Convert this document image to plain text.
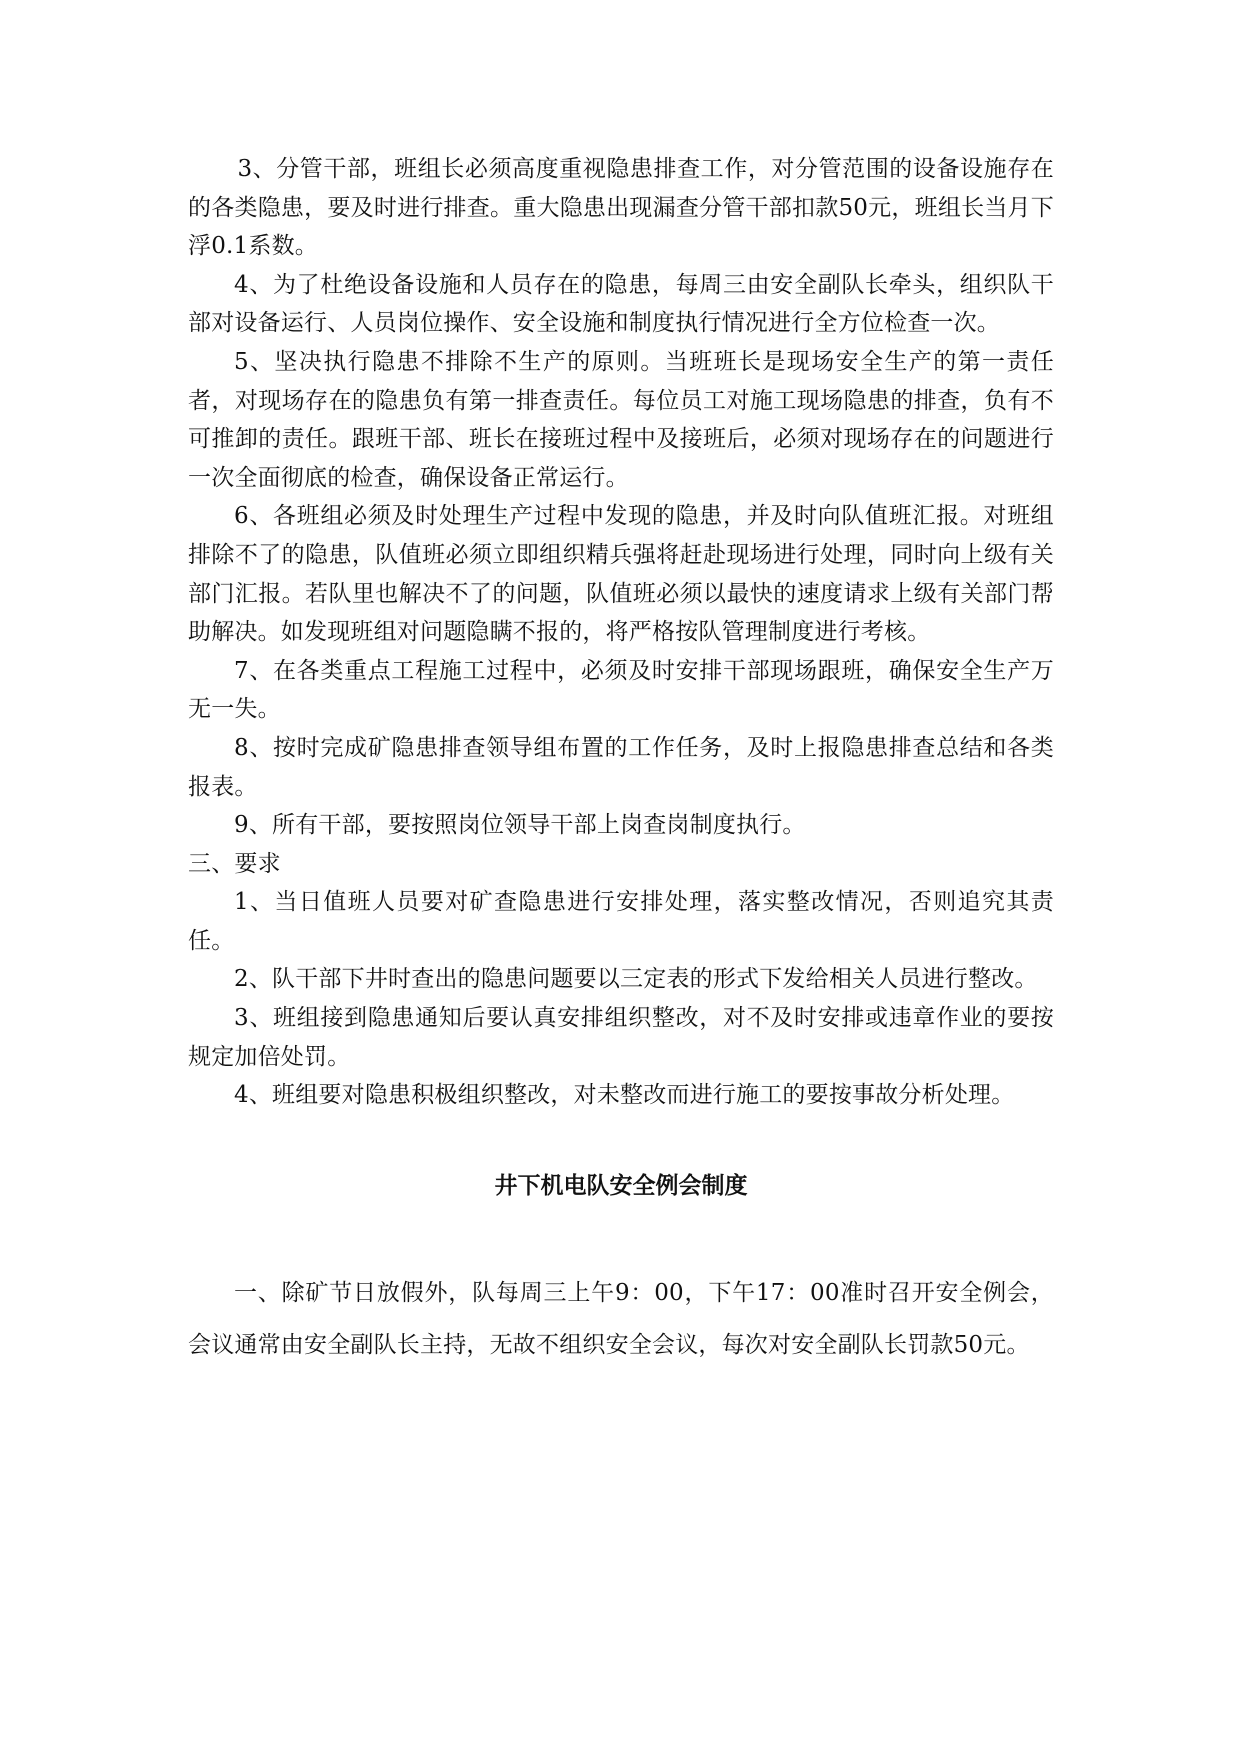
3、分管干部，班组长必须高度重视隐患排查工作，对分管范围的设备设施存在的各类隐患，要及时进行排查。重大隐患出现漏查分管干部扣款50元，班组长当月下浮0.1系数。

4、为了杜绝设备设施和人员存在的隐患，每周三由安全副队长牵头，组织队干部对设备运行、人员岗位操作、安全设施和制度执行情况进行全方位检查一次。

5、坚决执行隐患不排除不生产的原则。当班班长是现场安全生产的第一责任者，对现场存在的隐患负有第一排查责任。每位员工对施工现场隐患的排查，负有不可推卸的责任。跟班干部、班长在接班过程中及接班后，必须对现场存在的问题进行一次全面彻底的检查，确保设备正常运行。

6、各班组必须及时处理生产过程中发现的隐患，并及时向队值班汇报。对班组排除不了的隐患，队值班必须立即组织精兵强将赶赴现场进行处理，同时向上级有关部门汇报。若队里也解决不了的问题，队值班必须以最快的速度请求上级有关部门帮助解决。如发现班组对问题隐瞒不报的，将严格按队管理制度进行考核。

7、在各类重点工程施工过程中，必须及时安排干部现场跟班，确保安全生产万无一失。

8、按时完成矿隐患排查领导组布置的工作任务，及时上报隐患排查总结和各类报表。

9、所有干部，要按照岗位领导干部上岗查岗制度执行。

三、要求

1、当日值班人员要对矿查隐患进行安排处理，落实整改情况，否则追究其责任。

2、队干部下井时查出的隐患问题要以三定表的形式下发给相关人员进行整改。

3、班组接到隐患通知后要认真安排组织整改，对不及时安排或违章作业的要按规定加倍处罚。

4、班组要对隐患积极组织整改，对未整改而进行施工的要按事故分析处理。

井下机电队安全例会制度

一、除矿节日放假外，队每周三上午9：00，下午17：00准时召开安全例会，会议通常由安全副队长主持，无故不组织安全会议，每次对安全副队长罚款50元。
